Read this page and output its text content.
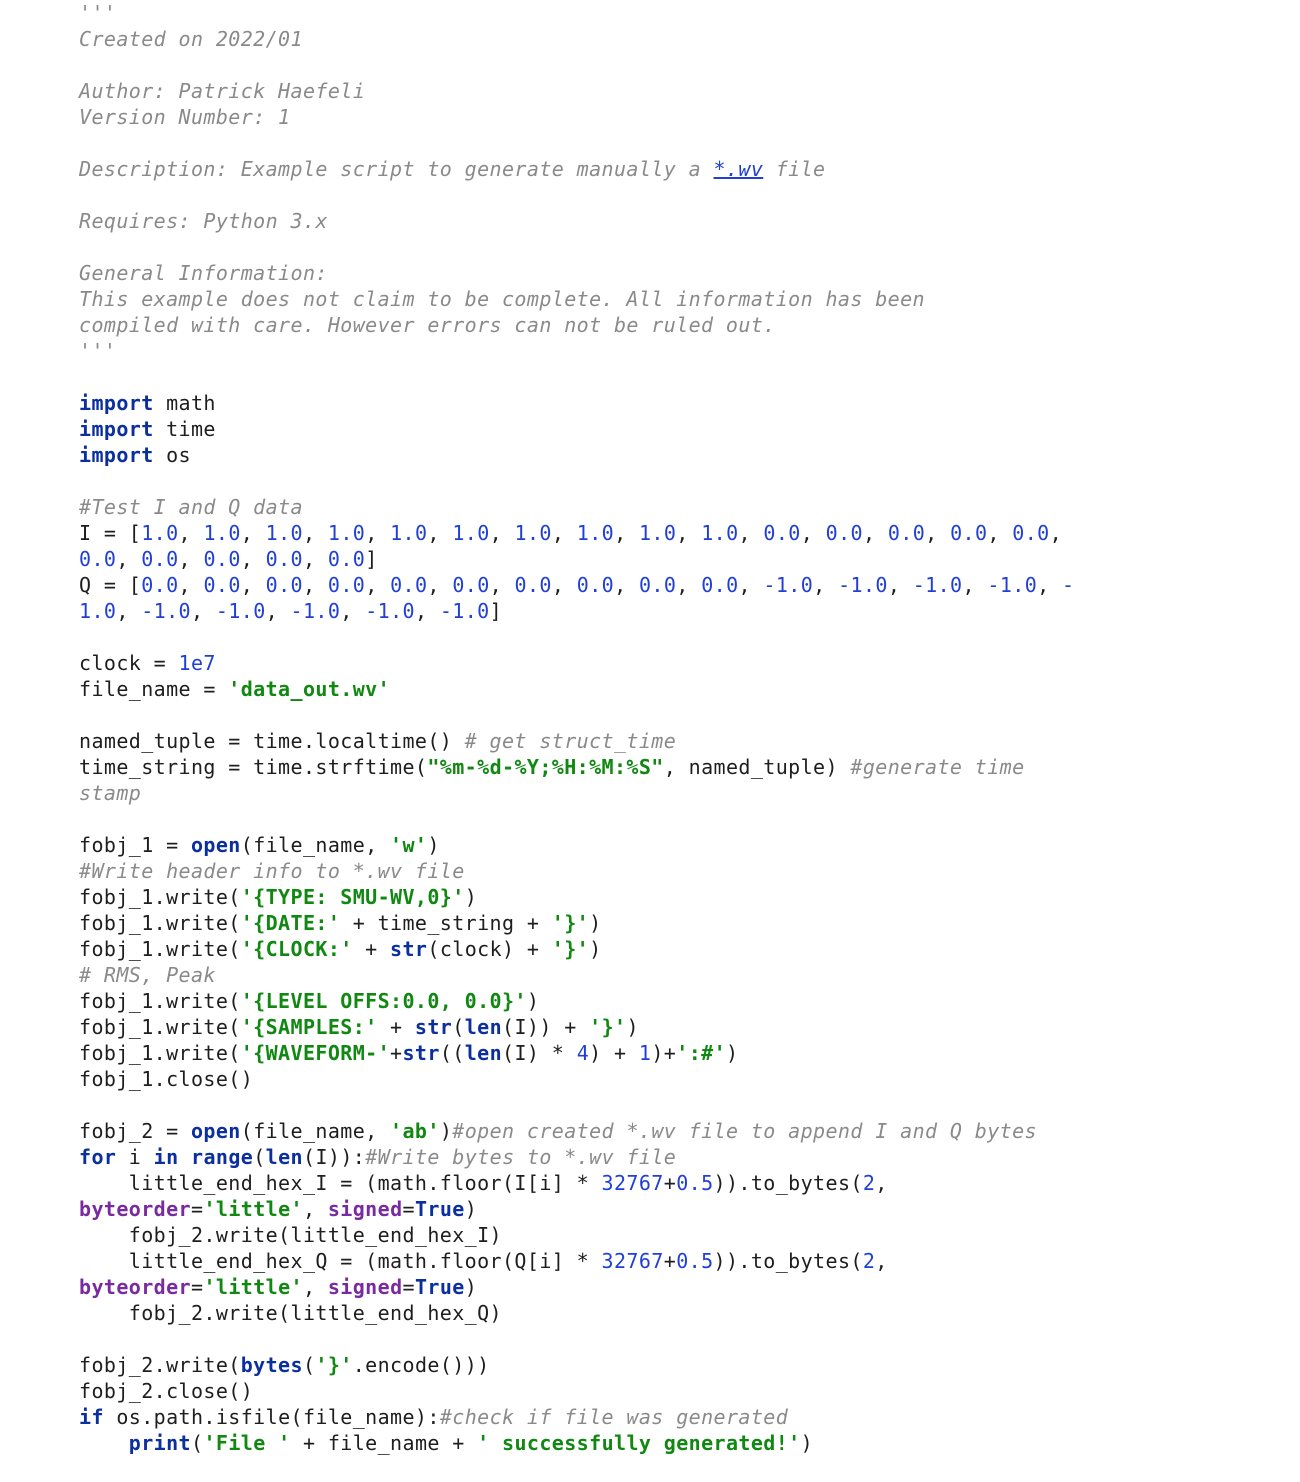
'''
Created on 2022/01

Author: Patrick Haefeli
Version Number: 1

Description: Example script to generate manually a *.wv file

Requires: Python 3.x

General Information:
This example does not claim to be complete. All information has been
compiled with care. However errors can not be ruled out.
'''

import math
import time
import os

#Test I and Q data
I = [1.0, 1.0, 1.0, 1.0, 1.0, 1.0, 1.0, 1.0, 1.0, 1.0, 0.0, 0.0, 0.0, 0.0, 0.0,
0.0, 0.0, 0.0, 0.0, 0.0]
Q = [0.0, 0.0, 0.0, 0.0, 0.0, 0.0, 0.0, 0.0, 0.0, 0.0, -1.0, -1.0, -1.0, -1.0, -
1.0, -1.0, -1.0, -1.0, -1.0, -1.0]

clock = 1e7
file_name = 'data_out.wv'

named_tuple = time.localtime() # get struct_time
time_string = time.strftime("%m-%d-%Y;%H:%M:%S", named_tuple) #generate time
stamp

fobj_1 = open(file_name, 'w')
#Write header info to *.wv file
fobj_1.write('{TYPE: SMU-WV,0}')
fobj_1.write('{DATE:' + time_string + '}')
fobj_1.write('{CLOCK:' + str(clock) + '}')
# RMS, Peak
fobj_1.write('{LEVEL OFFS:0.0, 0.0}')
fobj_1.write('{SAMPLES:' + str(len(I)) + '}')
fobj_1.write('{WAVEFORM-'+str((len(I) * 4) + 1)+':#')
fobj_1.close()

fobj_2 = open(file_name, 'ab')#open created *.wv file to append I and Q bytes
for i in range(len(I)):#Write bytes to *.wv file
little_end_hex_I = (math.floor(I[i] * 32767+0.5)).to_bytes(2,
byteorder='little', signed=True)
fobj_2.write(little_end_hex_I)
little_end_hex_Q = (math.floor(Q[i] * 32767+0.5)).to_bytes(2,
byteorder='little', signed=True)
fobj_2.write(little_end_hex_Q)

fobj_2.write(bytes('}'.encode()))
fobj_2.close()
if os.path.isfile(file_name):#check if file was generated
print('File ' + file_name + ' successfully generated!')
